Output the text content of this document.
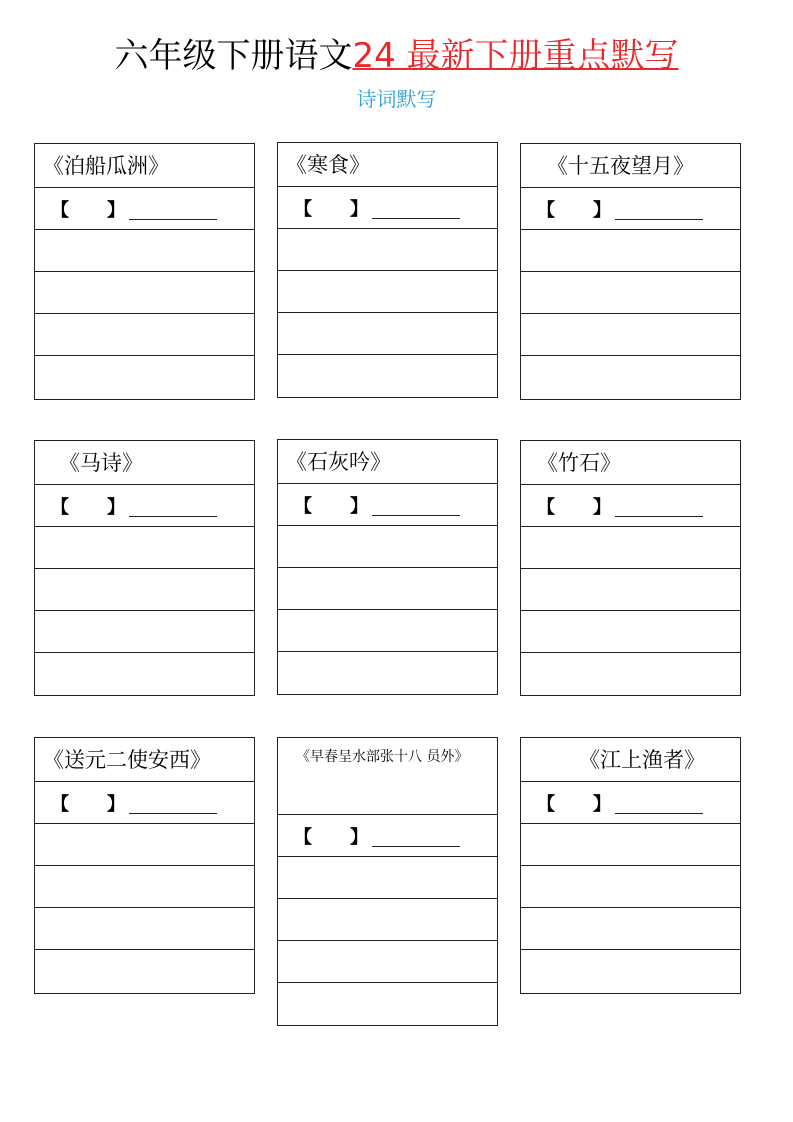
六年级下册语文24 最新下册重点默写
诗词默写
《泊船瓜洲》
【	】
《寒食》
【	】
《十五夜望月》
【	】
《马诗》
【	】
《石灰吟》
【	】
《竹石》
【	】
《送元二使安西》
【	】
《早春呈水部张十八 员外》
【	】
《江上渔者》
【	】
